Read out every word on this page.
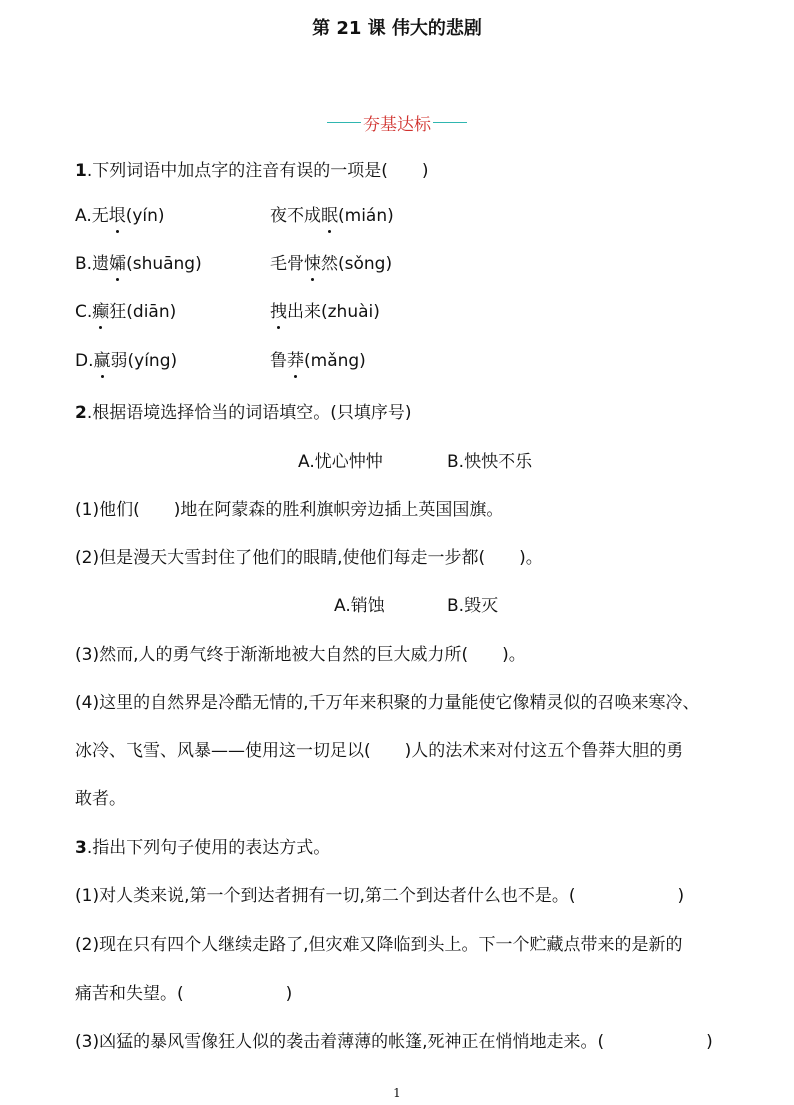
第 21 课 伟大的悲剧
夯基达标
1.下列词语中加点字的注音有误的一项是(　　)
A.无垠(yín)	夜不成眠(mián)
B.遗孀(shuāng)	毛骨悚然(sǒng)
C.癫狂(diān)	拽出来(zhuài)
D.赢弱(yíng)	鲁莽(mǎng)
2.根据语境选择恰当的词语填空。(只填序号)
A.忧心忡忡	B.怏怏不乐
(1)他们(　　)地在阿蒙森的胜利旗帜旁边插上英国国旗。
(2)但是漫天大雪封住了他们的眼睛,使他们每走一步都(　　)。
A.销蚀	B.毁灭
(3)然而,人的勇气终于渐渐地被大自然的巨大威力所(　　)。
(4)这里的自然界是冷酷无情的,千万年来积聚的力量能使它像精灵似的召唤来寒冷、
冰冷、飞雪、风暴——使用这一切足以(　　)人的法术来对付这五个鲁莽大胆的勇
敢者。
3.指出下列句子使用的表达方式。
(1)对人类来说,第一个到达者拥有一切,第二个到达者什么也不是。(　　　　　　)
(2)现在只有四个人继续走路了,但灾难又降临到头上。下一个贮藏点带来的是新的
痛苦和失望。(　　　　　　)
(3)凶猛的暴风雪像狂人似的袭击着薄薄的帐篷,死神正在悄悄地走来。(　　　　　　)
1
